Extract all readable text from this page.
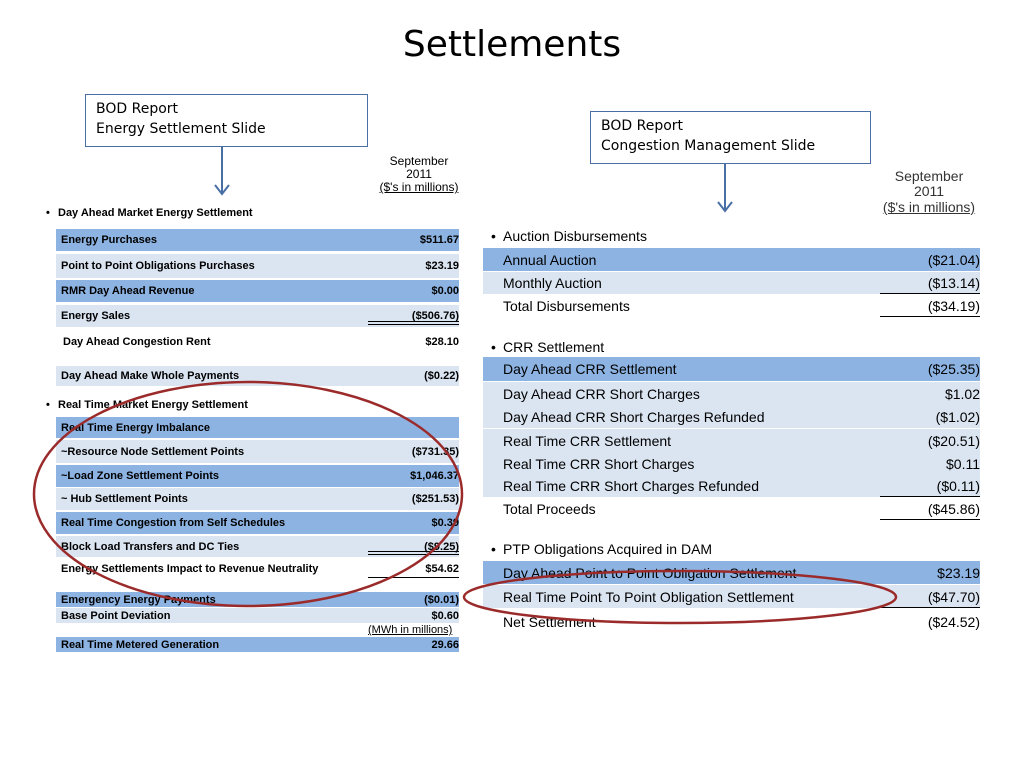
Settlements
BOD Report
Energy Settlement Slide	BOD Report
Congestion Management Slide
September
2011
($'s in millions)
September
2011
($'s in millions)
• Day Ahead Market Energy Settlement
Energy Purchases	$511.67
Point to Point Obligations Purchases	$23.19
RMR Day Ahead Revenue	$0.00
Energy Sales	($506.76)
Day Ahead Congestion Rent	$28.10
Day Ahead Make Whole Payments	($0.22)
• Real Time Market Energy Settlement
Real Time Energy Imbalance
~Resource Node Settlement Points	($731.35)
~Load Zone Settlement Points	$1,046.37
~ Hub Settlement Points	($251.53)
Real Time Congestion from Self Schedules	$0.39
Block Load Transfers and DC Ties	($9.25)
Energy Settlements Impact to Revenue Neutrality	$54.62
Emergency Energy Payments	($0.01)
Base Point Deviation	$0.60
(MWh in millions)
Real Time Metered Generation	29.66
• Auction Disbursements
Annual Auction	($21.04)
Monthly Auction	($13.14)
Total Disbursements	($34.19)
• CRR Settlement
Day Ahead CRR Settlement	($25.35)
Day Ahead CRR Short Charges	$1.02
Day Ahead CRR Short Charges Refunded	($1.02)
Real Time CRR Settlement	($20.51)
Real Time CRR Short Charges	$0.11
Real Time CRR Short Charges Refunded	($0.11)
Total Proceeds	($45.86)
• PTP Obligations Acquired in DAM
Day Ahead Point to Point Obligation Settlement	$23.19
Real Time Point To Point Obligation Settlement	($47.70)
Net Settlement	($24.52)
